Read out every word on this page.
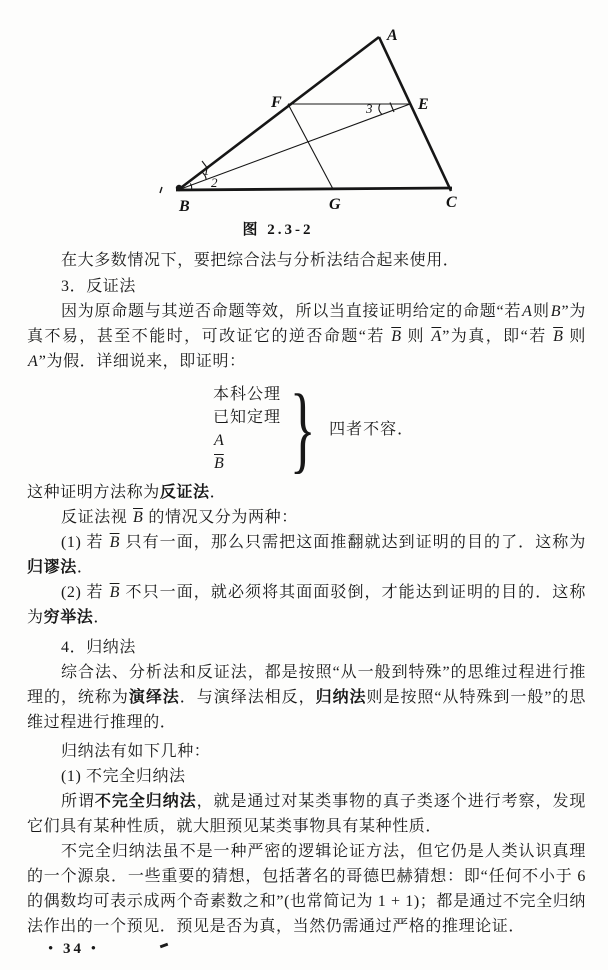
A
B	C
E
F
G
1
2
3
图 2.3-2

在大多数情况下，要把综合法与分析法结合起来使用．

3．反证法

因为原命题与其逆否命题等效，所以当直接证明给定的命题“若A则B”为真不易，甚至不能时，可改证它的逆否命题“若 $\overline{B}$ 则 $\overline{A}$”为真，即“若 $\overline{B}$ 则 A”为假．详细说来，即证明：

本科公理
已知定理
A
$\overline{B}$ } 四者不容．

这种证明方法称为反证法．

反证法视 $\overline{B}$ 的情况又分为两种：

(1) 若 $\overline{B}$ 只有一面，那么只需把这面推翻就达到证明的目的了．这称为归谬法．

(2) 若 $\overline{B}$ 不只一面，就必须将其面面驳倒，才能达到证明的目的．这称为穷举法．

4．归纳法

综合法、分析法和反证法，都是按照“从一般到特殊”的思维过程进行推理的，统称为演绎法．与演绎法相反，归纳法则是按照“从特殊到一般”的思维过程进行推理的．

归纳法有如下几种：

(1) 不完全归纳法

所谓不完全归纳法，就是通过对某类事物的真子类逐个进行考察，发现它们具有某种性质，就大胆预见某类事物具有某种性质．

不完全归纳法虽不是一种严密的逻辑论证方法，但它仍是人类认识真理的一个源泉．一些重要的猜想，包括著名的哥德巴赫猜想：即“任何不小于 6 的偶数均可表示成两个奇素数之和”(也常简记为 1 + 1)；都是通过不完全归纳法作出的一个预见．预见是否为真，当然仍需通过严格的推理论证．

• 34 •
